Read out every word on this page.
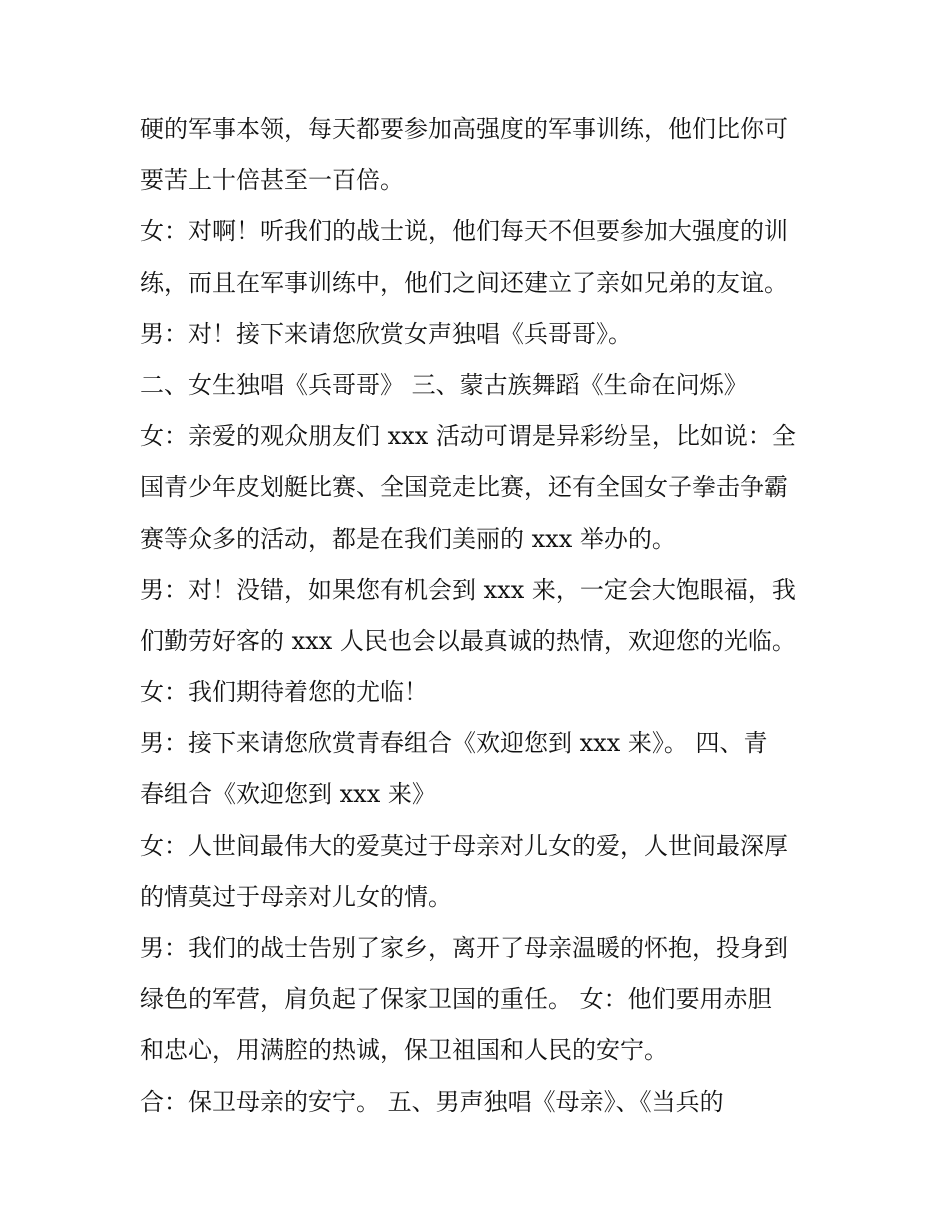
硬的军事本领，每天都要参加高强度的军事训练，他们比你可
要苦上十倍甚至一百倍。
女：对啊！听我们的战士说，他们每天不但要参加大强度的训
练，而且在军事训练中，他们之间还建立了亲如兄弟的友谊。
男：对！接下来请您欣赏女声独唱《兵哥哥》。
二、女生独唱《兵哥哥》 三、蒙古族舞蹈《生命在问烁》
女：亲爱的观众朋友们 xxx 活动可谓是异彩纷呈，比如说：全
国青少年皮划艇比赛、全国竞走比赛，还有全国女子拳击争霸
赛等众多的活动，都是在我们美丽的 xxx 举办的。
男：对！没错，如果您有机会到 xxx 来，一定会大饱眼福，我
们勤劳好客的 xxx 人民也会以最真诚的热情，欢迎您的光临。
女：我们期待着您的尤临！
男：接下来请您欣赏青春组合《欢迎您到 xxx 来》。 四、青
春组合《欢迎您到 xxx 来》
女：人世间最伟大的爱莫过于母亲对儿女的爱，人世间最深厚
的情莫过于母亲对儿女的情。
男：我们的战士告别了家乡，离开了母亲温暖的怀抱，投身到
绿色的军营，肩负起了保家卫国的重任。 女：他们要用赤胆
和忠心，用满腔的热诚，保卫祖国和人民的安宁。
合：保卫母亲的安宁。 五、男声独唱《母亲》、《当兵的
